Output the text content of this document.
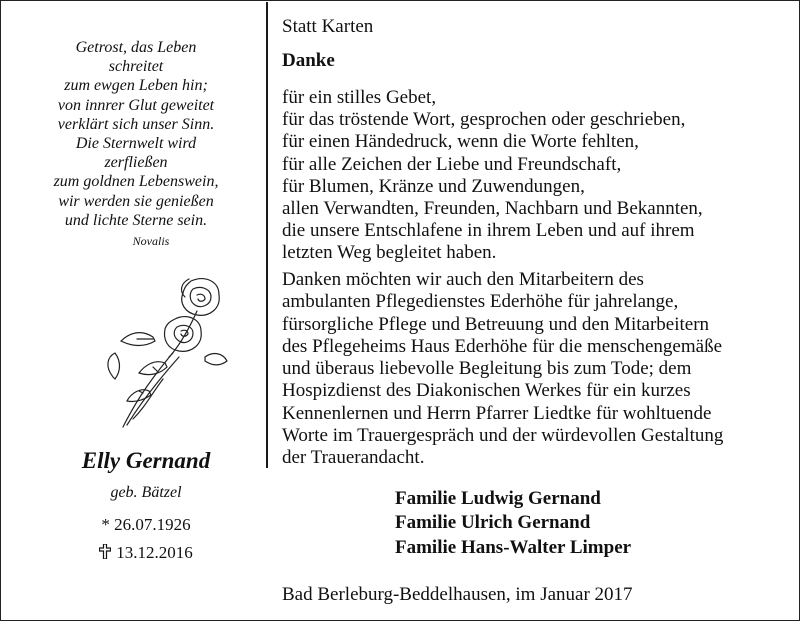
Getrost, das Leben
schreitet
zum ewgen Leben hin;
von innrer Glut geweitet
verklärt sich unser Sinn.
Die Sternwelt wird
zerfließen
zum goldnen Lebenswein,
wir werden sie genießen
und lichte Sterne sein.
Novalis
Elly Gernand
geb. Bätzel
* 26.07.1926
13.12.2016
Statt Karten
Danke
für ein stilles Gebet,
für das tröstende Wort, gesprochen oder geschrieben,
für einen Händedruck, wenn die Worte fehlten,
für alle Zeichen der Liebe und Freundschaft,
für Blumen, Kränze und Zuwendungen,
allen Verwandten, Freunden, Nachbarn und Bekannten,
die unsere Entschlafene in ihrem Leben und auf ihrem
letzten Weg begleitet haben.
Danken möchten wir auch den Mitarbeitern des
ambulanten Pflegedienstes Ederhöhe für jahrelange,
fürsorgliche Pflege und Betreuung und den Mitarbeitern
des Pflegeheims Haus Ederhöhe für die menschengemäße
und überaus liebevolle Begleitung bis zum Tode; dem
Hospizdienst des Diakonischen Werkes für ein kurzes
Kennenlernen und Herrn Pfarrer Liedtke für wohltuende
Worte im Trauergespräch und der würdevollen Gestaltung
der Trauerandacht.
Familie Ludwig Gernand
Familie Ulrich Gernand
Familie Hans-Walter Limper
Bad Berleburg-Beddelhausen, im Januar 2017
